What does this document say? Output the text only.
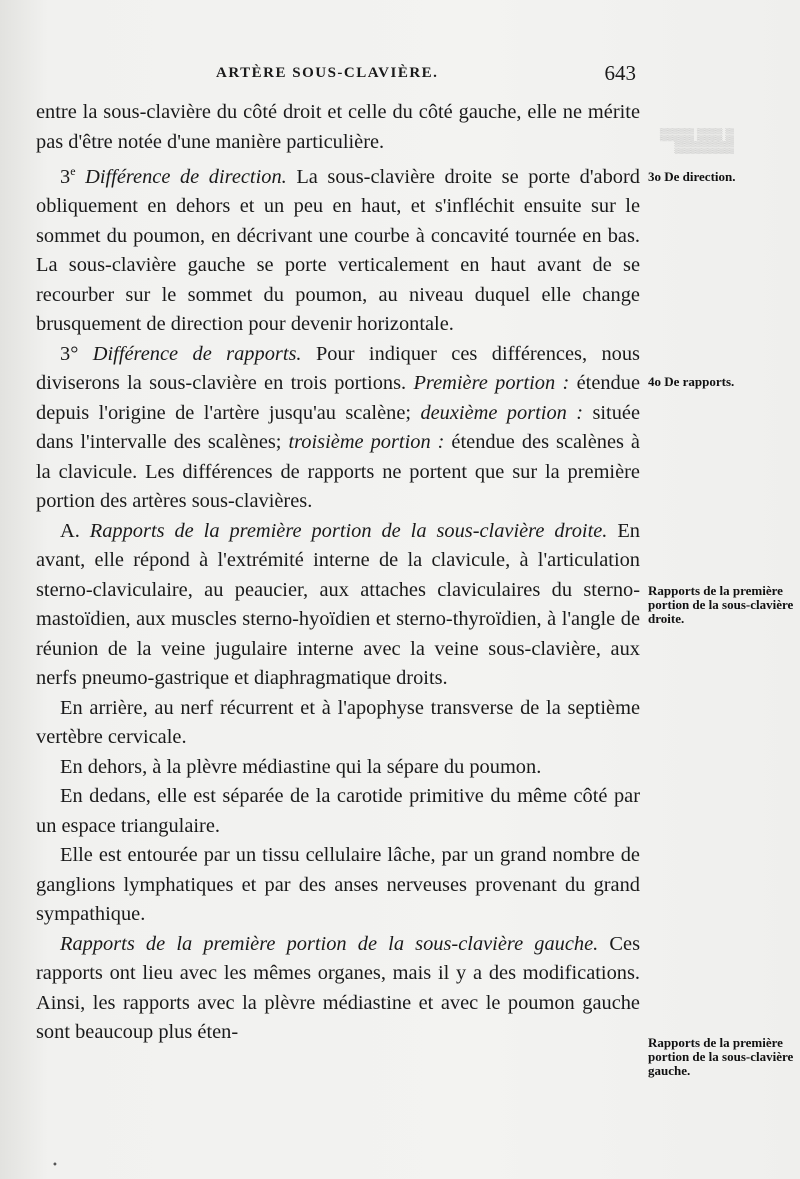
ARTÈRE SOUS-CLAVIÈRE.	643
▒ ▒▒▒ ▒▒▒▒
▒▒▒▒▒▒▒

entre la sous-clavière du côté droit et celle du côté gauche, elle ne mérite pas d'être notée d'une manière particulière.

3e Différence de direction. La sous-clavière droite se porte d'abord obliquement en dehors et un peu en haut, et s'infléchit ensuite sur le sommet du poumon, en décrivant une courbe à concavité tournée en bas. La sous-clavière gauche se porte verticalement en haut avant de se recourber sur le sommet du poumon, au niveau duquel elle change brusquement de direction pour devenir horizontale.

3° Différence de rapports. Pour indiquer ces différences, nous diviserons la sous-clavière en trois portions. Première portion : étendue depuis l'origine de l'artère jusqu'au scalène; deuxième portion : située dans l'intervalle des scalènes; troisième portion : étendue des scalènes à la clavicule. Les différences de rapports ne portent que sur la première portion des artères sous-clavières.

A. Rapports de la première portion de la sous-clavière droite. En avant, elle répond à l'extrémité interne de la clavicule, à l'articulation sterno-claviculaire, au peaucier, aux attaches claviculaires du sterno-mastoïdien, aux muscles sterno-hyoïdien et sterno-thyroïdien, à l'angle de réunion de la veine jugulaire interne avec la veine sous-clavière, aux nerfs pneumo-gastrique et diaphragmatique droits.

En arrière, au nerf récurrent et à l'apophyse transverse de la septième vertèbre cervicale.

En dehors, à la plèvre médiastine qui la sépare du poumon.

En dedans, elle est séparée de la carotide primitive du même côté par un espace triangulaire.

Elle est entourée par un tissu cellulaire lâche, par un grand nombre de ganglions lymphatiques et par des anses nerveuses provenant du grand sympathique.

Rapports de la première portion de la sous-clavière gauche. Ces rapports ont lieu avec les mêmes organes, mais il y a des modifications. Ainsi, les rapports avec la plèvre médiastine et avec le poumon gauche sont beaucoup plus éten-

3o De direction.
4o De rapports.
Rapports de la première portion de la sous-clavière droite.
Rapports de la première portion de la sous-clavière gauche.
•
